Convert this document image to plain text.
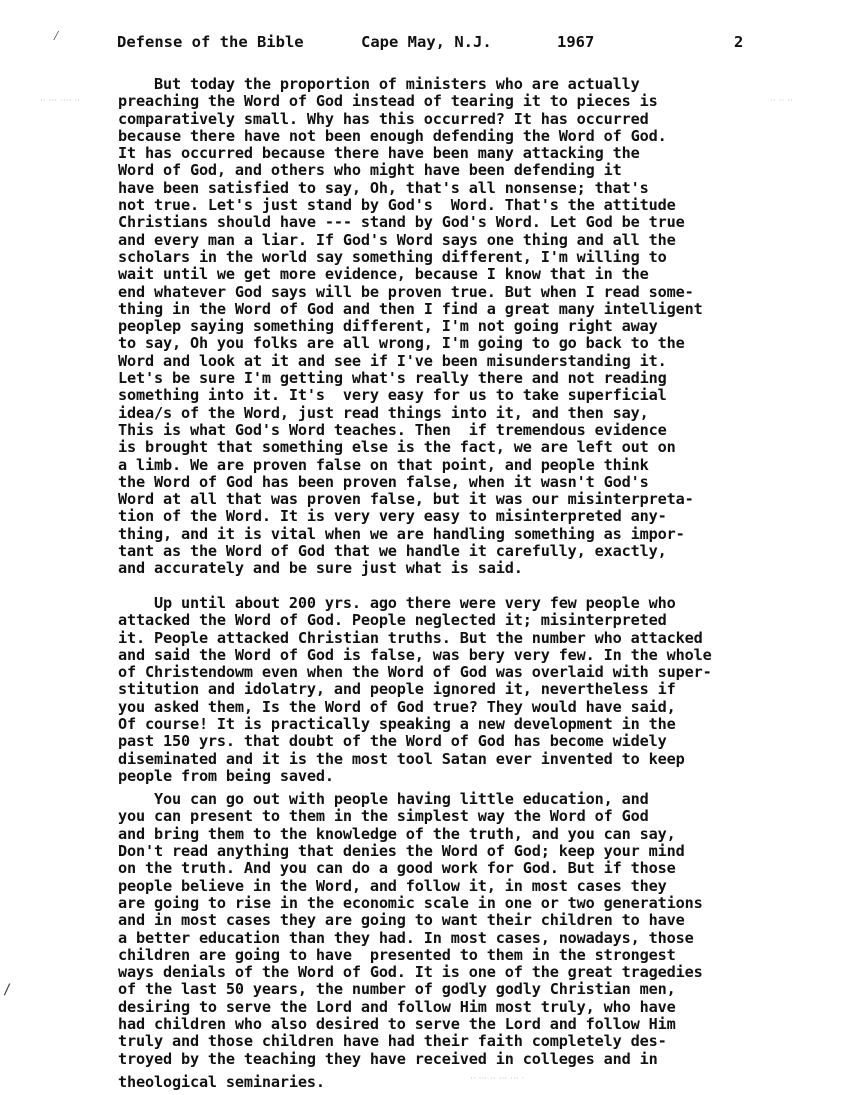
⁄
/
·· ·· ··
·· ··· ···· ··
·· ··· ·· ··· ··· ·
Defense of the Bible	Cape May, N.J.	1967	2
But today the proportion of ministers who are actually
preaching the Word of God instead of tearing it to pieces is
comparatively small. Why has this occurred? It has occurred
because there have not been enough defending the Word of God.
It has occurred because there have been many attacking the
Word of God, and others who might have been defending it
have been satisfied to say, Oh, that's all nonsense; that's
not true. Let's just stand by God's  Word. That's the attitude
Christians should have --- stand by God's Word. Let God be true
and every man a liar. If God's Word says one thing and all the
scholars in the world say something different, I'm willing to
wait until we get more evidence, because I know that in the
end whatever God says will be proven true. But when I read some-
thing in the Word of God and then I find a great many intelligent
peoplep saying something different, I'm not going right away
to say, Oh you folks are all wrong, I'm going to go back to the
Word and look at it and see if I've been misunderstanding it.
Let's be sure I'm getting what's really there and not reading
something into it. It's  very easy for us to take superficial
idea/s of the Word, just read things into it, and then say,
This is what God's Word teaches. Then  if tremendous evidence
is brought that something else is the fact, we are left out on
a limb. We are proven false on that point, and people think
the Word of God has been proven false, when it wasn't God's
Word at all that was proven false, but it was our misinterpreta-
tion of the Word. It is very very easy to misinterpreted any-
thing, and it is vital when we are handling something as impor-
tant as the Word of God that we handle it carefully, exactly,
and accurately and be sure just what is said.
Up until about 200 yrs. ago there were very few people who
attacked the Word of God. People neglected it; misinterpreted
it. People attacked Christian truths. But the number who attacked
and said the Word of God is false, was bery very few. In the whole
of Christendowm even when the Word of God was overlaid with super-
stitution and idolatry, and people ignored it, nevertheless if
you asked them, Is the Word of God true? They would have said,
Of course! It is practically speaking a new development in the
past 150 yrs. that doubt of the Word of God has become widely
diseminated and it is the most tool Satan ever invented to keep
people from being saved.
You can go out with people having little education, and
you can present to them in the simplest way the Word of God
and bring them to the knowledge of the truth, and you can say,
Don't read anything that denies the Word of God; keep your mind
on the truth. And you can do a good work for God. But if those
people believe in the Word, and follow it, in most cases they
are going to rise in the economic scale in one or two generations
and in most cases they are going to want their children to have
a better education than they had. In most cases, nowadays, those
children are going to have  presented to them in the strongest
ways denials of the Word of God. It is one of the great tragedies
of the last 50 years, the number of godly godly Christian men,
desiring to serve the Lord and follow Him most truly, who have
had children who also desired to serve the Lord and follow Him
truly and those children have had their faith completely des-
troyed by the teaching they have received in colleges and in
theological seminaries.
